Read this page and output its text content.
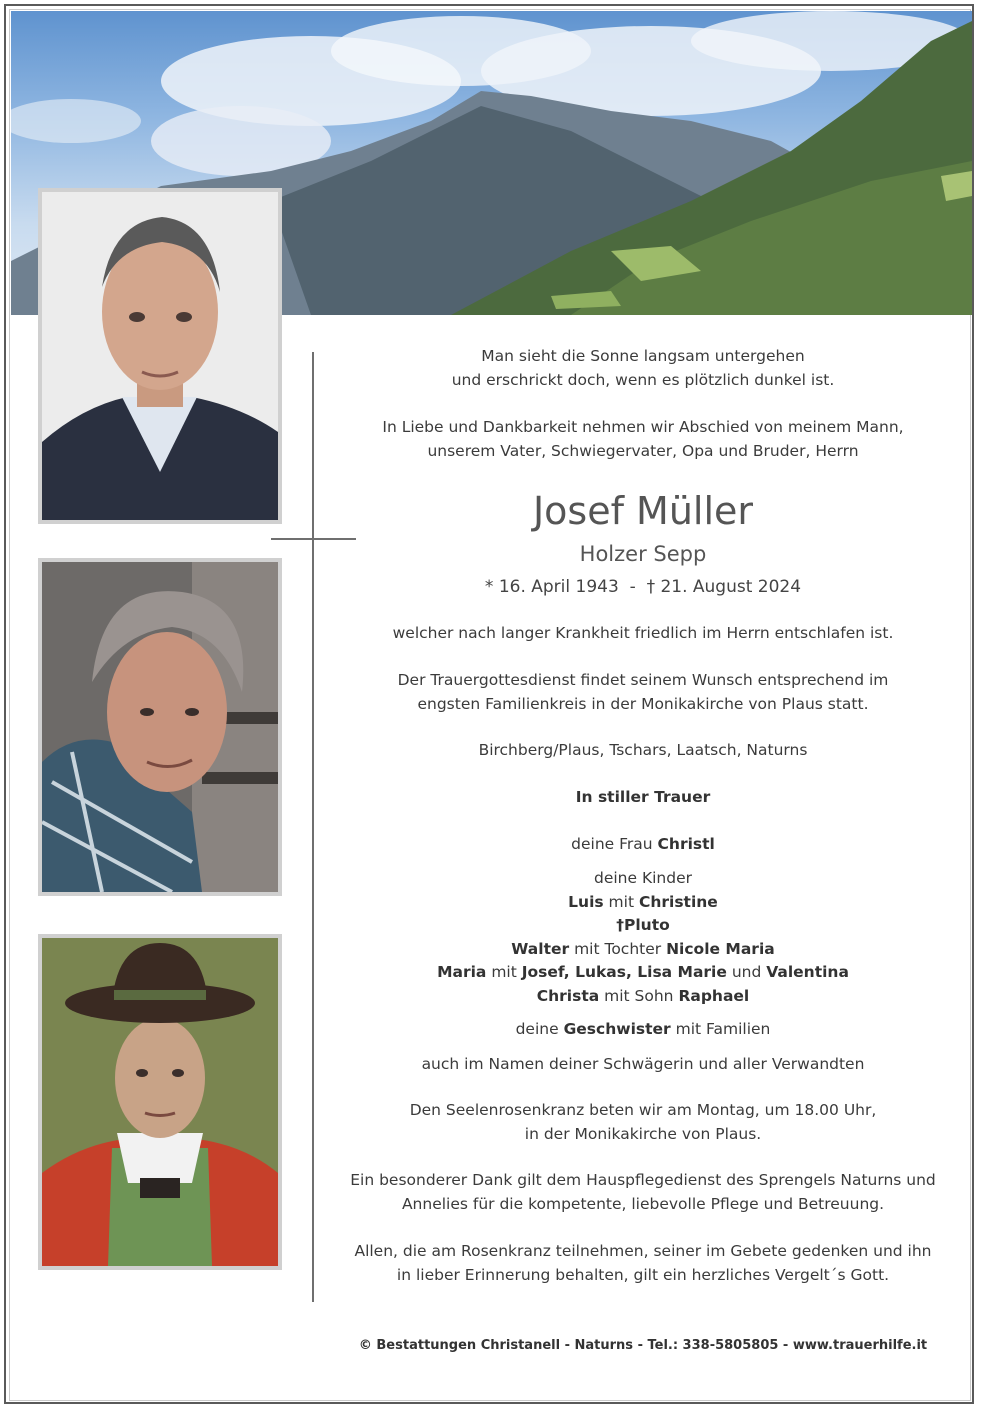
Man sieht die Sonne langsam untergehen

und erschrickt doch, wenn es plötzlich dunkel ist.

In Liebe und Dankbarkeit nehmen wir Abschied von meinem Mann,

unserem Vater, Schwiegervater, Opa und Bruder, Herrn

Josef Müller
Holzer Sepp
* 16. April 1943 - † 21. August 2024

welcher nach langer Krankheit friedlich im Herrn entschlafen ist.

Der Trauergottesdienst findet seinem Wunsch entsprechend im

engsten Familienkreis in der Monikakirche von Plaus statt.

Birchberg/Plaus, Tschars, Laatsch, Naturns

In stiller Trauer

deine Frau Christl

deine Kinder

Luis mit Christine

†Pluto

Walter mit Tochter Nicole Maria

Maria mit Josef, Lukas, Lisa Marie und Valentina

Christa mit Sohn Raphael

deine Geschwister mit Familien

auch im Namen deiner Schwägerin und aller Verwandten

Den Seelenrosenkranz beten wir am Montag, um 18.00 Uhr,

in der Monikakirche von Plaus.

Ein besonderer Dank gilt dem Hauspflegedienst des Sprengels Naturns und

Annelies für die kompetente, liebevolle Pflege und Betreuung.

Allen, die am Rosenkranz teilnehmen, seiner im Gebete gedenken und ihn

in lieber Erinnerung behalten, gilt ein herzliches Vergelt´s Gott.

© Bestattungen Christanell - Naturns - Tel.: 338-5805805 - www.trauerhilfe.it
